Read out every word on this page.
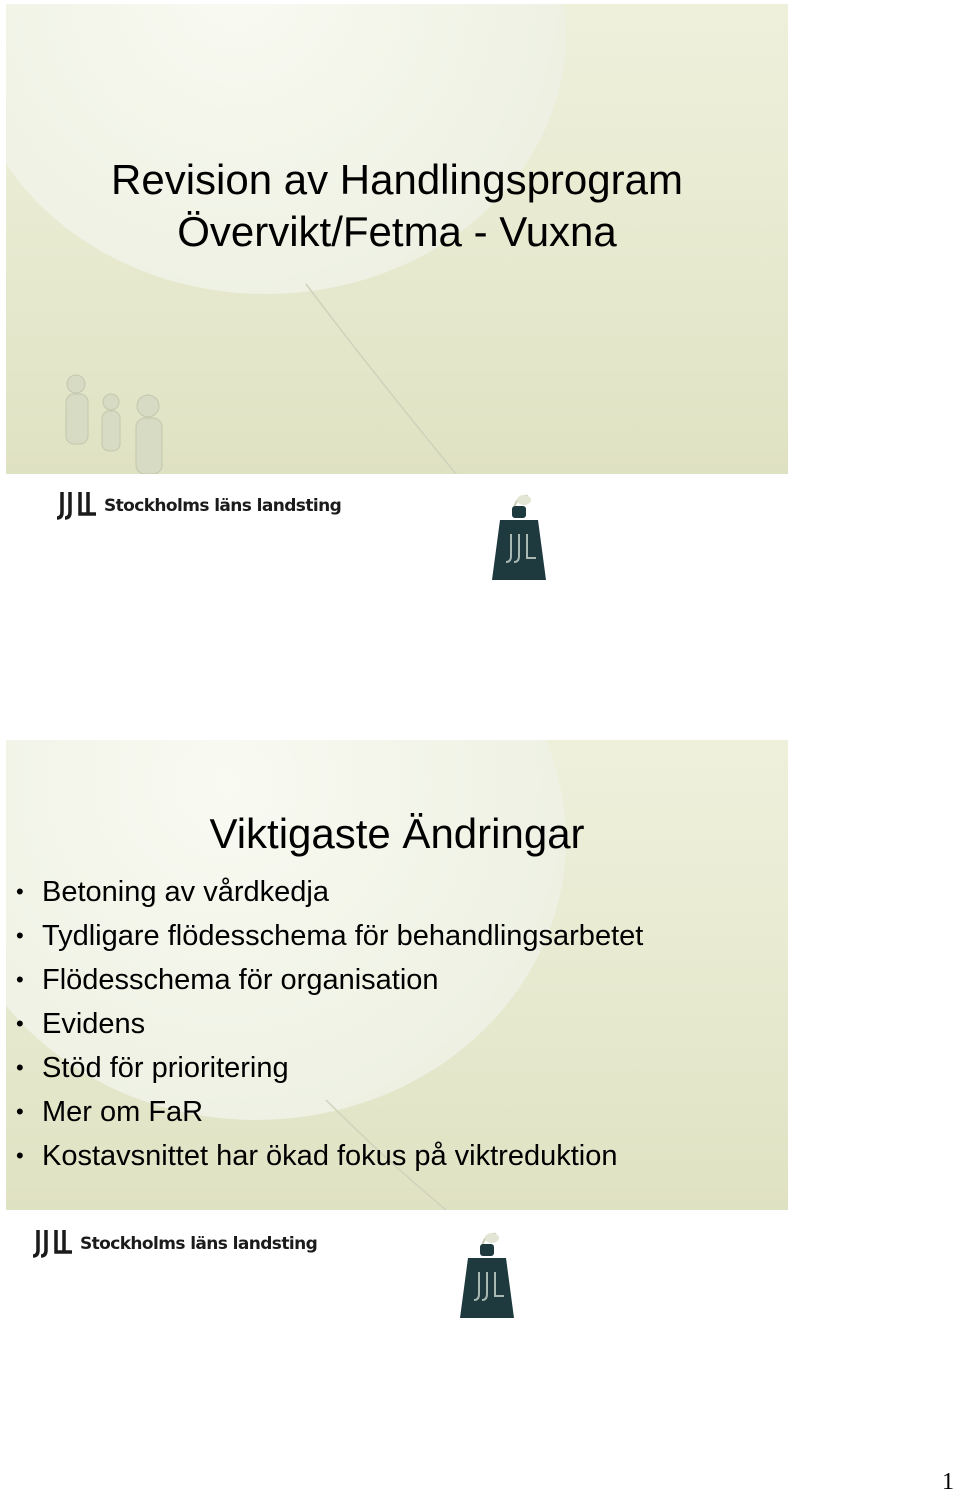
Revision av Handlingsprogram
Övervikt/Fetma - Vuxna
Stockholms läns landsting
Viktigaste Ändringar
• Betoning av vårdkedja
• Tydligare flödesschema för behandlingsarbetet
• Flödesschema för organisation
• Evidens
• Stöd för prioritering
• Mer om FaR
• Kostavsnittet har ökad fokus på viktreduktion
Stockholms läns landsting
1
